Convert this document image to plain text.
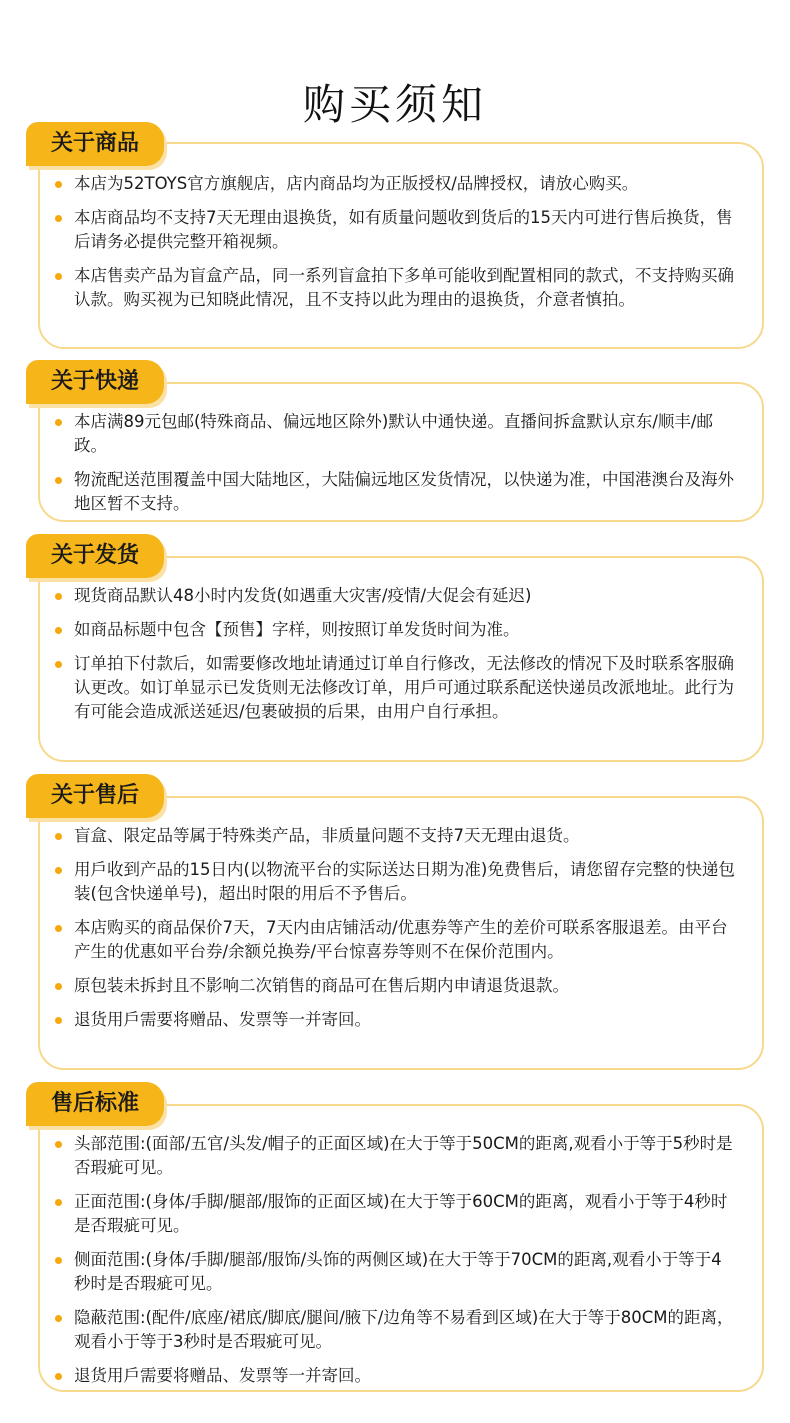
购买须知
关于商品
本店为52TOYS官方旗舰店，店内商品均为正版授权/品牌授权，请放心购买。
本店商品均不支持7天无理由退换货，如有质量问题收到货后的15天内可进行售后换货，售后请务必提供完整开箱视频。
本店售卖产品为盲盒产品，同一系列盲盒拍下多单可能收到配置相同的款式，不支持购买确认款。购买视为已知晓此情况，且不支持以此为理由的退换货，介意者慎拍。
关于快递
本店满89元包邮(特殊商品、偏远地区除外)默认中通快递。直播间拆盒默认京东/顺丰/邮政。
物流配送范围覆盖中国大陆地区，大陆偏远地区发货情况，以快递为准，中国港澳台及海外地区暂不支持。
关于发货
现货商品默认48小时内发货(如遇重大灾害/疫情/大促会有延迟)
如商品标题中包含【预售】字样，则按照订单发货时间为准。
订单拍下付款后，如需要修改地址请通过订单自行修改，无法修改的情况下及时联系客服确认更改。如订单显示已发货则无法修改订单，用戶可通过联系配送快递员改派地址。此行为有可能会造成派送延迟/包裹破损的后果，由用户自行承担。
关于售后
盲盒、限定品等属于特殊类产品，非质量问题不支持7天无理由退货。
用戶收到产品的15日内(以物流平台的实际送达日期为准)免费售后，请您留存完整的快递包装(包含快递单号)，超出时限的用后不予售后。
本店购买的商品保价7天，7天内由店铺活动/优惠券等产生的差价可联系客服退差。由平台产生的优惠如平台券/余额兑换券/平台惊喜券等则不在保价范围内。
原包装未拆封且不影响二次销售的商品可在售后期内申请退货退款。
退货用戶需要将赠品、发票等一并寄回。
售后标准
头部范围:(面部/五官/头发/帽子的正面区域)在大于等于50CM的距离,观看小于等于5秒时是否瑕疵可见。
正面范围:(身体/手脚/腿部/服饰的正面区域)在大于等于60CM的距离，观看小于等于4秒时是否瑕疵可见。
侧面范围:(身体/手脚/腿部/服饰/头饰的两侧区域)在大于等于70CM的距离,观看小于等于4秒时是否瑕疵可见。
隐蔽范围:(配件/底座/裙底/脚底/腿间/腋下/边角等不易看到区域)在大于等于80CM的距离，观看小于等于3秒时是否瑕疵可见。
退货用戶需要将赠品、发票等一并寄回。
